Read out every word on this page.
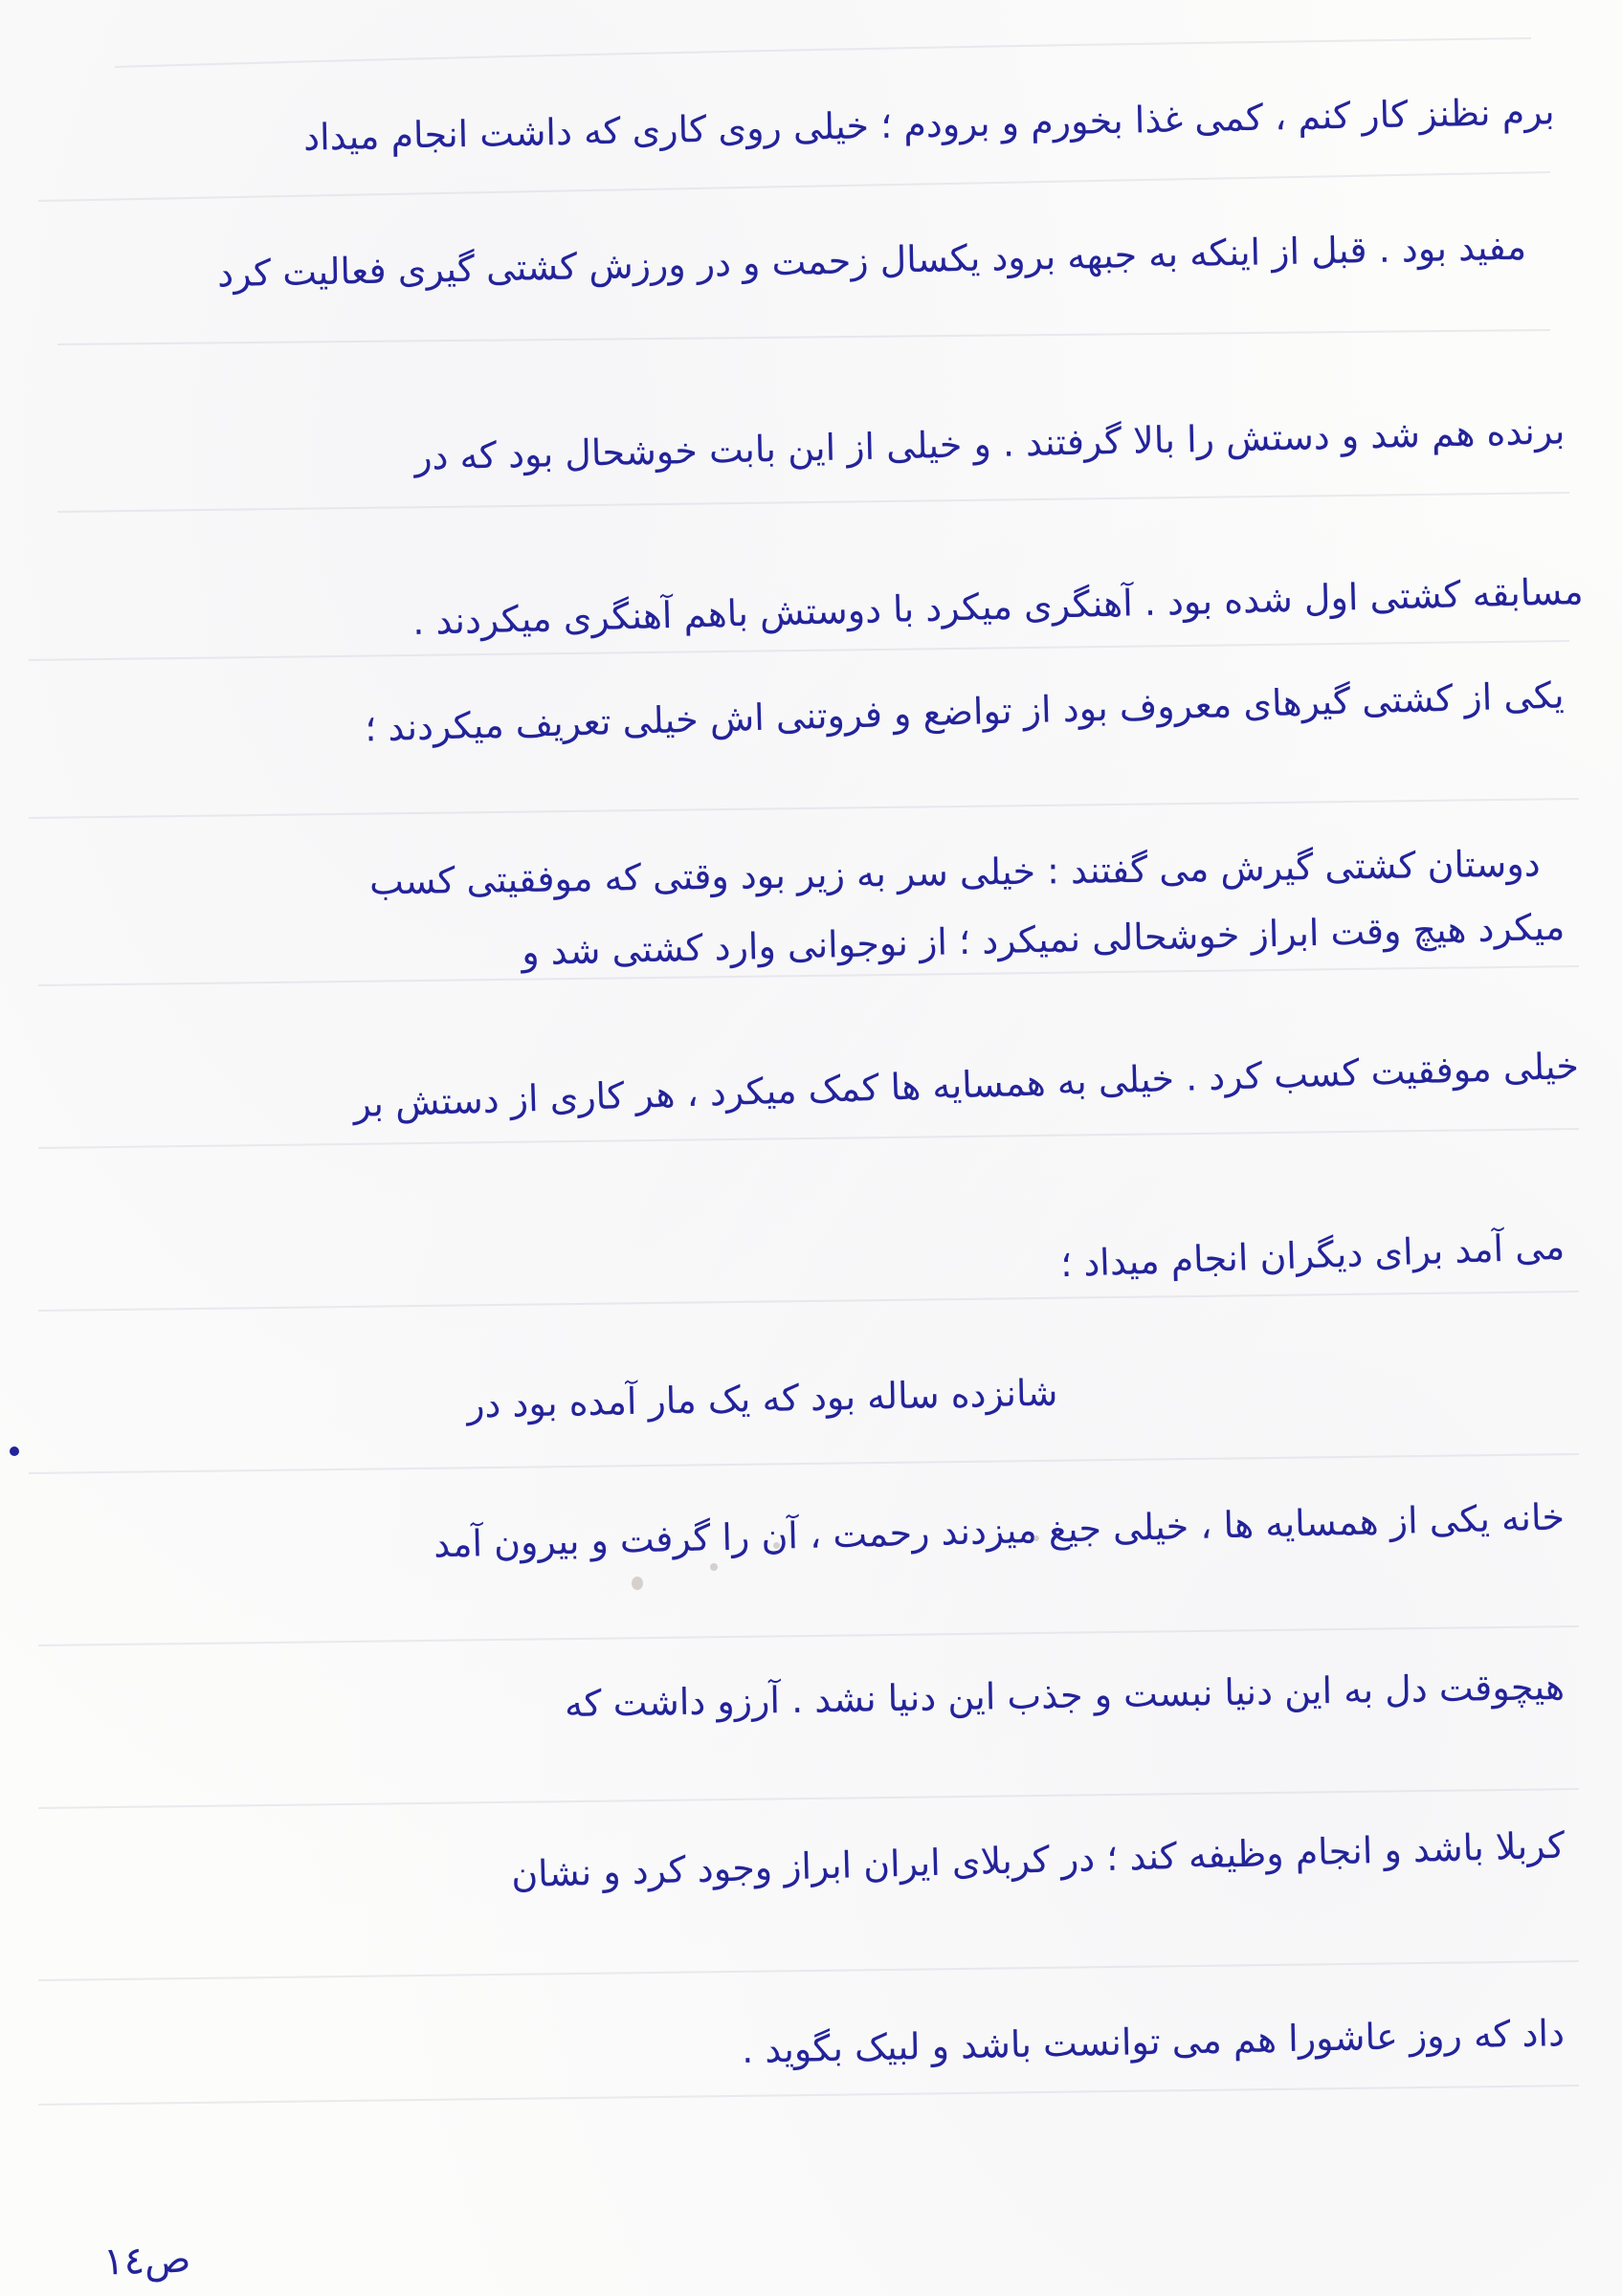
برم نظنز کار کنم ، کمی غذا بخورم و برودم ؛ خیلی روی کاری که داشت انجام میداد
مفید بود . قبل از اینکه به جبهه برود یکسال زحمت و در ورزش کشتی گیری فعالیت کرد
برنده هم شد و دستش را بالا گرفتند . و خیلی از این بابت خوشحال بود که در
مسابقه کشتی اول شده بود . آهنگری میکرد با دوستش باهم آهنگری میکردند .
یکی از کشتی گیرهای معروف بود از تواضع و فروتنی اش خیلی تعریف میکردند ؛
دوستان کشتی گیرش می گفتند : خیلی سر به زیر بود وقتی که موفقیتی کسب
میکرد هیچ وقت ابراز خوشحالی نمیکرد ؛ از نوجوانی وارد کشتی شد و
خیلی موفقیت کسب کرد . خیلی به همسایه ها کمک میکرد ، هر کاری از دستش بر
می آمد برای دیگران انجام میداد ؛
شانزده ساله بود که یک مار آمده بود در
خانه یکی از همسایه ها ، خیلی جیغ میزدند رحمت ، آن را گرفت و بیرون آمد
هیچوقت دل به این دنیا نبست و جذب این دنیا نشد . آرزو داشت که
کربلا باشد و انجام وظیفه کند ؛ در کربلای ایران ابراز وجود کرد و نشان
داد که روز عاشورا هم می توانست باشد و لبیک بگوید .
ص١٤
